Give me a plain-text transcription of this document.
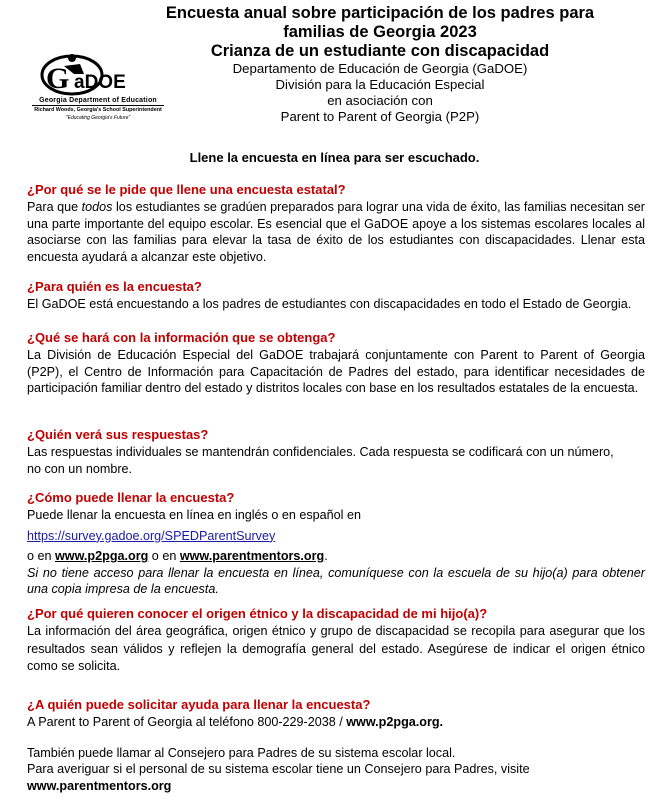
G aDOE
Georgia Department of Education
Richard Woods, Georgia's School Superintendent
"Educating Georgia's Future"
Encuesta anual sobre participación de los padres para
familias de Georgia 2023
Crianza de un estudiante con discapacidad
Departamento de Educación de Georgia (GaDOE)
División para la Educación Especial
en asociación con
Parent to Parent of Georgia (P2P)
Llene la encuesta en línea para ser escuchado.
¿Por qué se le pide que llene una encuesta estatal?

Para que todos los estudiantes se gradúen preparados para lograr una vida de éxito, las familias necesitan ser una parte importante del equipo escolar. Es esencial que el GaDOE apoye a los sistemas escolares locales al asociarse con las familias para elevar la tasa de éxito de los estudiantes con discapacidades. Llenar esta encuesta ayudará a alcanzar este objetivo.

¿Para quién es la encuesta?

El GaDOE está encuestando a los padres de estudiantes con discapacidades en todo el Estado de Georgia.

¿Qué se hará con la información que se obtenga?

La División de Educación Especial del GaDOE trabajará conjuntamente con Parent to Parent of Georgia (P2P), el Centro de Información para Capacitación de Padres del estado, para identificar necesidades de participación familiar dentro del estado y distritos locales con base en los resultados estatales de la encuesta.

¿Quién verá sus respuestas?

Las respuestas individuales se mantendrán confidenciales. Cada respuesta se codificará con un número,

no con un nombre.

¿Cómo puede llenar la encuesta?

Puede llenar la encuesta en línea en inglés o en español en

https://survey.gadoe.org/SPEDParentSurvey

o en www.p2pga.org o en www.parentmentors.org.

Si no tiene acceso para llenar la encuesta en línea, comuníquese con la escuela de su hijo(a) para obtener una copia impresa de la encuesta.

¿Por qué quieren conocer el origen étnico y la discapacidad de mi hijo(a)?

La información del área geográfica, origen étnico y grupo de discapacidad se recopila para asegurar que los resultados sean válidos y reflejen la demografía general del estado. Asegúrese de indicar el origen étnico como se solicita.

¿A quién puede solicitar ayuda para llenar la encuesta?

A Parent to Parent of Georgia al teléfono 800-229-2038 / www.p2pga.org.

También puede llamar al Consejero para Padres de su sistema escolar local.

Para averiguar si el personal de su sistema escolar tiene un Consejero para Padres, visite

www.parentmentors.org
